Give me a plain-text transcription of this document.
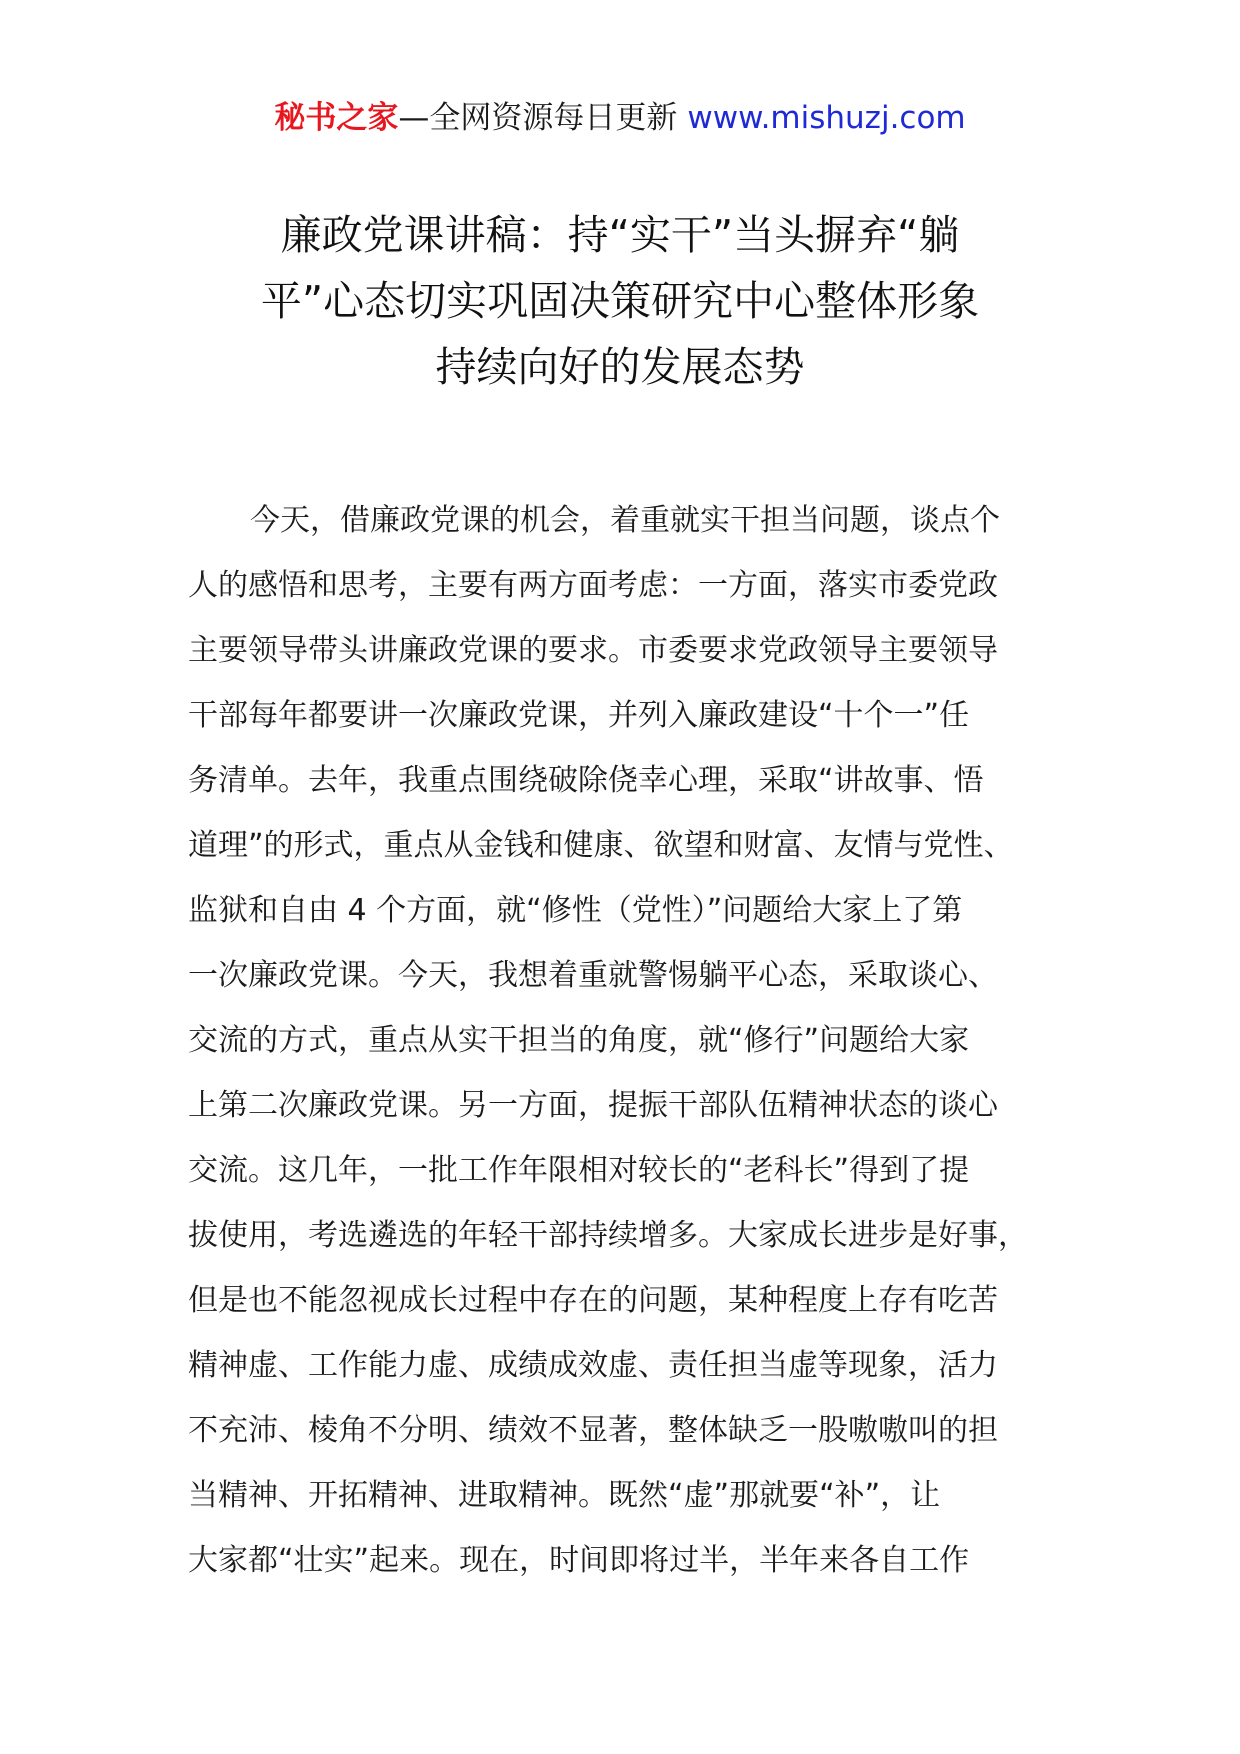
秘书之家—全网资源每日更新 www.mishuzj.com
廉政党课讲稿：持“实干”当头摒弃“躺
平”心态切实巩固决策研究中心整体形象
持续向好的发展态势
今天，借廉政党课的机会，着重就实干担当问题，谈点个
人的感悟和思考，主要有两方面考虑：一方面，落实市委党政
主要领导带头讲廉政党课的要求。市委要求党政领导主要领导
干部每年都要讲一次廉政党课，并列入廉政建设“十个一”任
务清单。去年，我重点围绕破除侥幸心理，采取“讲故事、悟
道理”的形式，重点从金钱和健康、欲望和财富、友情与党性、
监狱和自由 4 个方面，就“修性（党性）”问题给大家上了第
一次廉政党课。今天，我想着重就警惕躺平心态，采取谈心、
交流的方式，重点从实干担当的角度，就“修行”问题给大家
上第二次廉政党课。另一方面，提振干部队伍精神状态的谈心
交流。这几年，一批工作年限相对较长的“老科长”得到了提
拔使用，考选遴选的年轻干部持续增多。大家成长进步是好事，
但是也不能忽视成长过程中存在的问题，某种程度上存有吃苦
精神虚、工作能力虚、成绩成效虚、责任担当虚等现象，活力
不充沛、棱角不分明、绩效不显著，整体缺乏一股嗷嗷叫的担
当精神、开拓精神、进取精神。既然“虚”那就要“补”，让
大家都“壮实”起来。现在，时间即将过半，半年来各自工作
